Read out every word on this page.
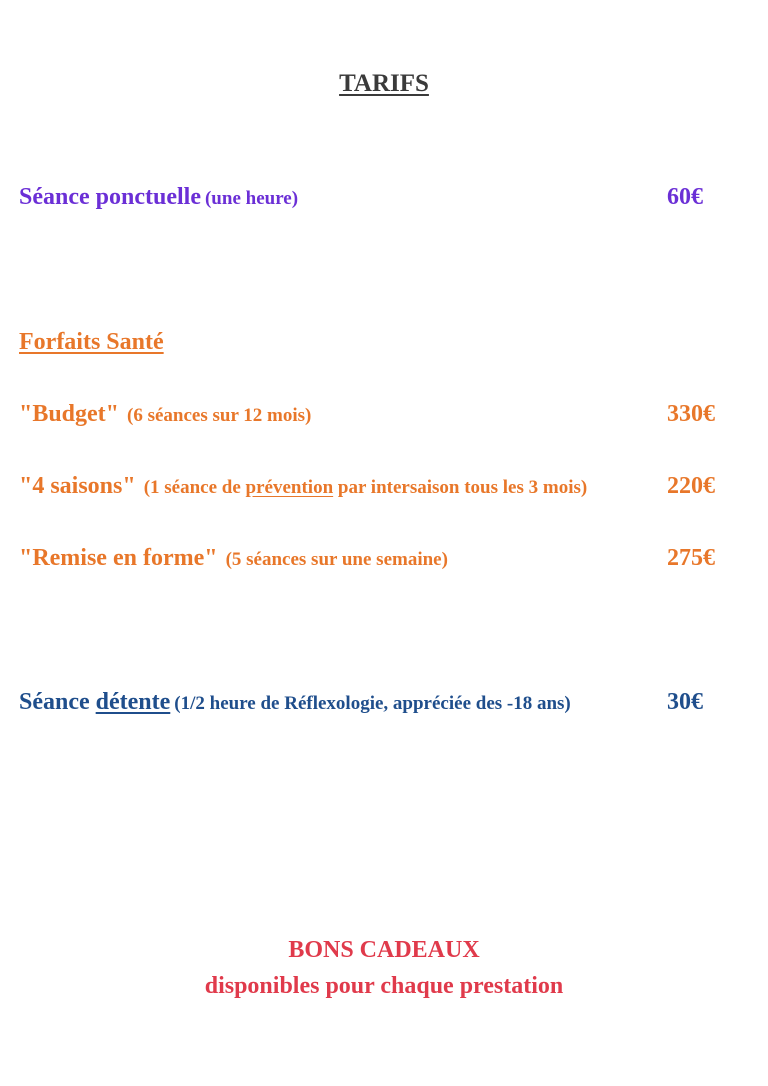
TARIFS
Séance ponctuelle (une heure)	60€
Forfaits Santé
"Budget" (6 séances sur 12 mois)	330€
"4 saisons" (1 séance de prévention par intersaison tous les 3 mois)	220€
"Remise en forme" (5 séances sur une semaine)	275€
Séance détente (1/2 heure de Réflexologie, appréciée des -18 ans)	30€
BONS CADEAUX
disponibles pour chaque prestation
